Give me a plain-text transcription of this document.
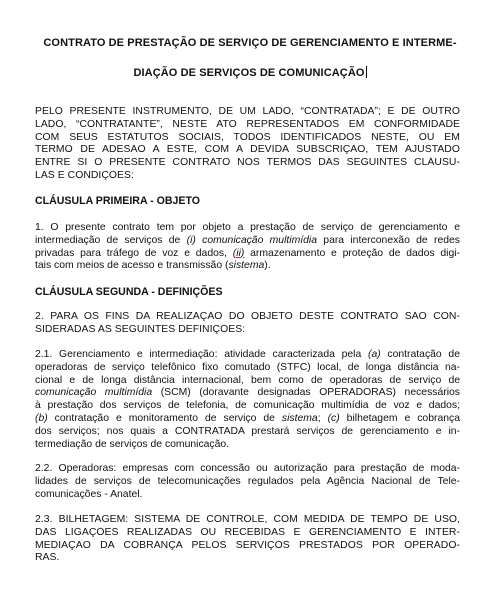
CONTRATO DE PRESTAÇÃO DE SERVIÇO DE GERENCIAMENTO E INTERME-
DIAÇÃO DE SERVIÇOS DE COMUNICAÇÃO
PELO PRESENTE INSTRUMENTO, DE UM LADO, “CONTRATADA”; E DE OUTRO
LADO, “CONTRATANTE”, NESTE ATO REPRESENTADOS EM CONFORMIDADE
COM SEUS ESTATUTOS SOCIAIS, TODOS IDENTIFICADOS NESTE, OU EM
TERMO DE ADESÃO A ESTE, COM A DEVIDA SUBSCRIÇÃO, TÊM AJUSTADO
ENTRE SI O PRESENTE CONTRATO NOS TERMOS DAS SEGUINTES CLÁUSU-
LAS E CONDIÇÕES:
CLÁUSULA PRIMEIRA - OBJETO
1. O presente contrato tem por objeto a prestação de serviço de gerenciamento e
intermediação de serviços de (i) comunicação multimídia para interconexão de redes
privadas para tráfego de voz e dados, (ii) armazenamento e proteção de dados digi-
tais com meios de acesso e transmissão (sistema).
CLÁUSULA SEGUNDA - DEFINIÇÕES
2. PARA OS FINS DA REALIZAÇÃO DO OBJETO DESTE CONTRATO SÃO CON-
SIDERADAS AS SEGUINTES DEFINIÇÕES:
2.1. Gerenciamento e intermediação: atividade caracterizada pela (a) contratação de
operadoras de serviço telefônico fixo comutado (STFC) local, de longa distância na-
cional e de longa distância internacional, bem como de operadoras de serviço de
comunicação multimídia (SCM) (doravante designadas OPERADORAS) necessários
à prestação dos serviços de telefonia, de comunicação multimídia de voz e dados;
(b) contratação e monitoramento de serviço de sistema; (c) bilhetagem e cobrança
dos serviços; nos quais a CONTRATADA prestará serviços de gerenciamento e in-
termediação de serviços de comunicação.
2.2. Operadoras: empresas com concessão ou autorização para prestação de moda-
lidades de serviços de telecomunicações regulados pela Agência Nacional de Tele-
comunicações - Anatel.
2.3. BILHETAGEM: SISTEMA DE CONTROLE, COM MEDIDA DE TEMPO DE USO,
DAS LIGAÇÕES REALIZADAS OU RECEBIDAS E GERENCIAMENTO E INTER-
MEDIAÇÃO DA COBRANÇA PELOS SERVIÇOS PRESTADOS POR OPERADO-
RAS.
